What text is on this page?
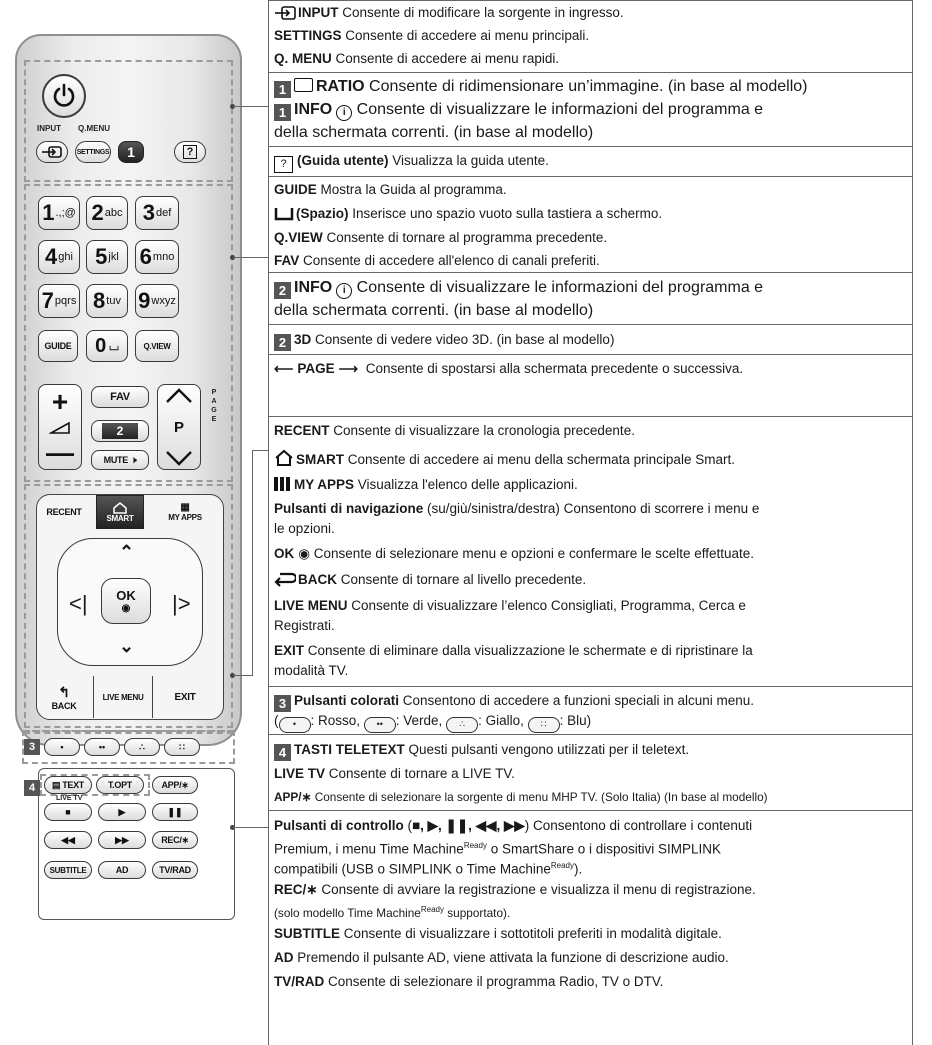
INPUT Q.MENU
SETTINGS	1	?
GUIDE	0 ⌴	Q.VIEW
+
—
FAV
2
MUTE 🕨
P
PAGE
RECENT
SMART
▦
MY APPS
⌃
<|	|>
⌄
OK
◉
↰
BACK
LIVE MENU	EXIT
1 .,;@ 2 abc 3 def
4 ghi 5 jkl 6 mno
7 pqrs 8 tuv 9 wxyz
3	•	••	∴	∷
4	▤ TEXT	T.OPT	APP/∗
LIVE TV
■	▶	❚❚
◀◀	▶▶	REC/∗
SUBTITLE	AD	TV/RAD
INPUT Consente di modificare la sorgente in ingresso.
SETTINGS Consente di accedere ai menu principali.
Q. MENU Consente di accedere ai menu rapidi.
1 RATIO Consente di ridimensionare un’immagine. (in base al modello)
1 INFO i Consente di visualizzare le informazioni del programma e
della schermata correnti. (in base al modello)
? (Guida utente) Visualizza la guida utente.
GUIDE Mostra la Guida al programma.
(Spazio) Inserisce uno spazio vuoto sulla tastiera a schermo.
Q.VIEW Consente di tornare al programma precedente.
FAV Consente di accedere all'elenco di canali preferiti.
2 INFO i Consente di visualizzare le informazioni del programma e
della schermata correnti. (in base al modello)
2 3D Consente di vedere video 3D. (in base al modello)
⟵ PAGE ⟶ Consente di spostarsi alla schermata precedente o successiva.
RECENT Consente di visualizzare la cronologia precedente.
SMART Consente di accedere ai menu della schermata principale Smart.
MY APPS Visualizza l'elenco delle applicazioni.
Pulsanti di navigazione (su/giù/sinistra/destra) Consentono di scorrere i menu e
le opzioni.
OK ◉ Consente di selezionare menu e opzioni e confermare le scelte effettuate.
BACK Consente di tornare al livello precedente.
LIVE MENU Consente di visualizzare l’elenco Consigliati, Programma, Cerca e
Registrati.
EXIT Consente di eliminare dalla visualizzazione le schermate e di ripristinare la
modalità TV.
3 Pulsanti colorati Consentono di accedere a funzioni speciali in alcuni menu.
( • : Rosso, •• : Verde, ∴ : Giallo, ∷ : Blu)
4 TASTI TELETEXT Questi pulsanti vengono utilizzati per il teletext.
LIVE TV Consente di tornare a LIVE TV.
APP/∗ Consente di selezionare la sorgente di menu MHP TV. (Solo Italia) (In base al modello)
Pulsanti di controllo (■, ▶, ❚❚, ◀◀, ▶▶) Consentono di controllare i contenuti
Premium, i menu Time Machine$^{Ready}$ o SmartShare o i dispositivi SIMPLINK
compatibili (USB o SIMPLINK o Time Machine$^{Ready}$).
REC/∗ Consente di avviare la registrazione e visualizza il menu di registrazione.
(solo modello Time Machine$^{Ready}$ supportato).
SUBTITLE Consente di visualizzare i sottotitoli preferiti in modalità digitale.
AD Premendo il pulsante AD, viene attivata la funzione di descrizione audio.
TV/RAD Consente di selezionare il programma Radio, TV o DTV.
